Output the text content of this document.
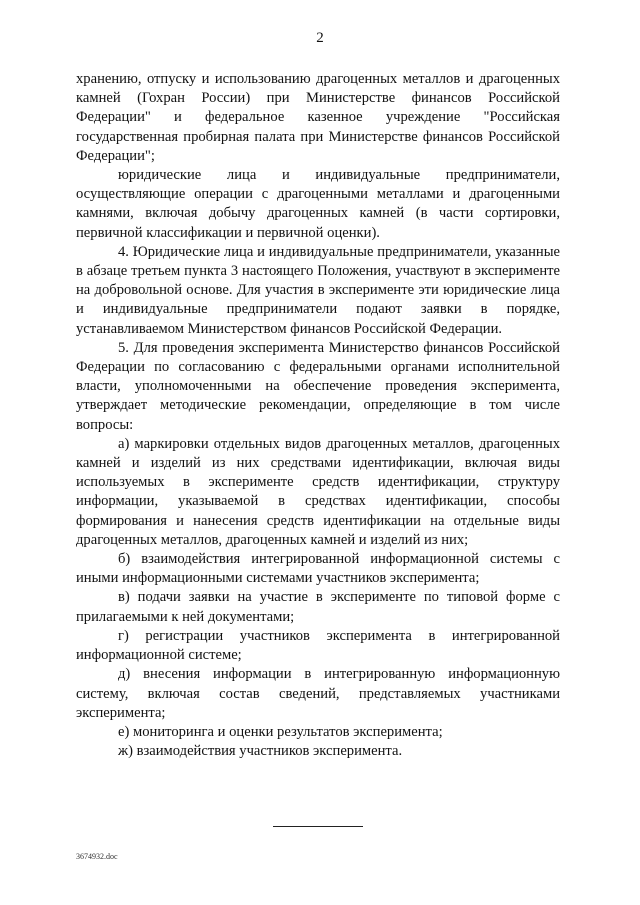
2

хранению, отпуску и использованию драгоценных металлов и драгоценных камней (Гохран России) при Министерстве финансов Российской Федерации" и федеральное казенное учреждение "Российская государственная пробирная палата при Министерстве финансов Российской Федерации";

юридические лица и индивидуальные предприниматели, осуществляющие операции с драгоценными металлами и драгоценными камнями, включая добычу драгоценных камней (в части сортировки, первичной классификации и первичной оценки).

4. Юридические лица и индивидуальные предприниматели, указанные в абзаце третьем пункта 3 настоящего Положения, участвуют в эксперименте на добровольной основе. Для участия в эксперименте эти юридические лица и индивидуальные предприниматели подают заявки в порядке, устанавливаемом Министерством финансов Российской Федерации.

5. Для проведения эксперимента Министерство финансов Российской Федерации по согласованию с федеральными органами исполнительной власти, уполномоченными на обеспечение проведения эксперимента, утверждает методические рекомендации, определяющие в том числе вопросы:

а) маркировки отдельных видов драгоценных металлов, драгоценных камней и изделий из них средствами идентификации, включая виды используемых в эксперименте средств идентификации, структуру информации, указываемой в средствах идентификации, способы формирования и нанесения средств идентификации на отдельные виды драгоценных металлов, драгоценных камней и изделий из них;

б) взаимодействия интегрированной информационной системы с иными информационными системами участников эксперимента;

в) подачи заявки на участие в эксперименте по типовой форме с прилагаемыми к ней документами;

г) регистрации участников эксперимента в интегрированной информационной системе;

д) внесения информации в интегрированную информационную систему, включая состав сведений, представляемых участниками эксперимента;

е) мониторинга и оценки результатов эксперимента;

ж) взаимодействия участников эксперимента.

3674932.doc
